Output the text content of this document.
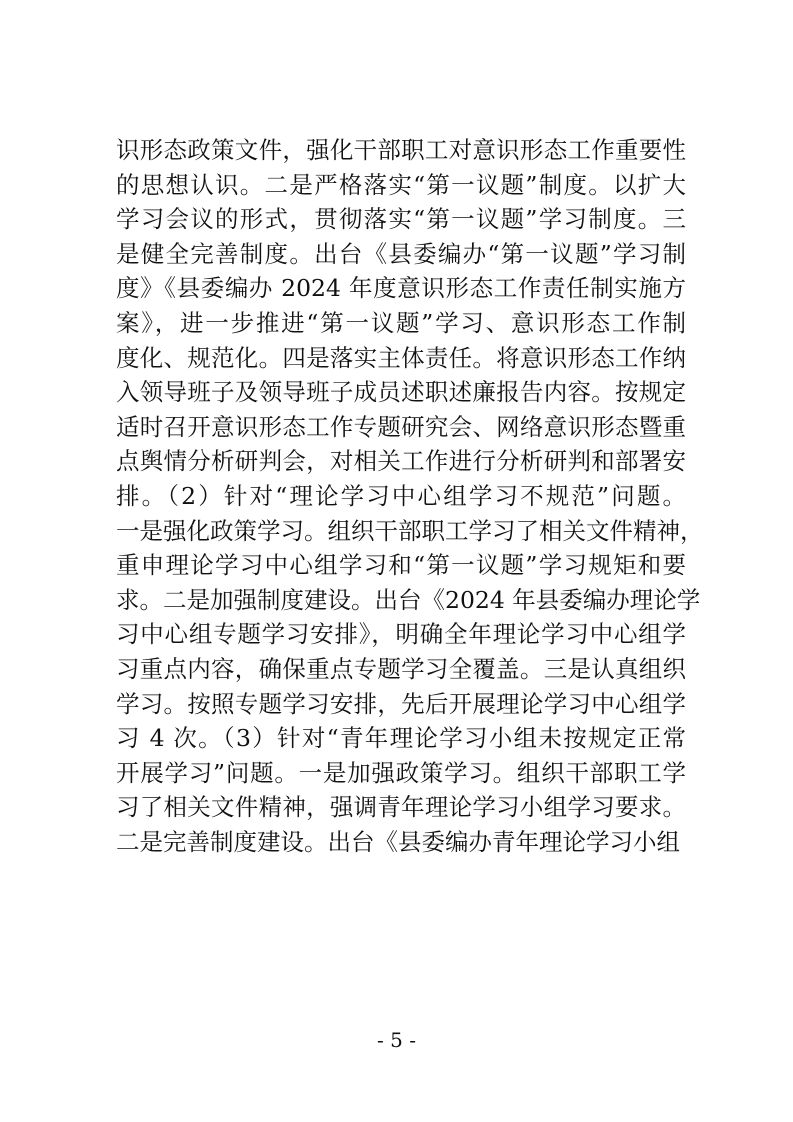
识形态政策文件，强化干部职工对意识形态工作重要性
的思想认识。二是严格落实“第一议题”制度。以扩大
学习会议的形式，贯彻落实“第一议题”学习制度。三
是健全完善制度。出台《县委编办“第一议题”学习制
度》《县委编办 2024 年度意识形态工作责任制实施方
案》，进一步推进“第一议题”学习、意识形态工作制
度化、规范化。四是落实主体责任。将意识形态工作纳
入领导班子及领导班子成员述职述廉报告内容。按规定
适时召开意识形态工作专题研究会、网络意识形态暨重
点舆情分析研判会，对相关工作进行分析研判和部署安
排。（2）针对“理论学习中心组学习不规范”问题。
一是强化政策学习。组织干部职工学习了相关文件精神，
重申理论学习中心组学习和“第一议题”学习规矩和要
求。二是加强制度建设。出台《2024 年县委编办理论学
习中心组专题学习安排》，明确全年理论学习中心组学
习重点内容，确保重点专题学习全覆盖。三是认真组织
学习。按照专题学习安排，先后开展理论学习中心组学
习 4 次。（3）针对“青年理论学习小组未按规定正常
开展学习”问题。一是加强政策学习。组织干部职工学
习了相关文件精神，强调青年理论学习小组学习要求。
二是完善制度建设。出台《县委编办青年理论学习小组
- 5 -
